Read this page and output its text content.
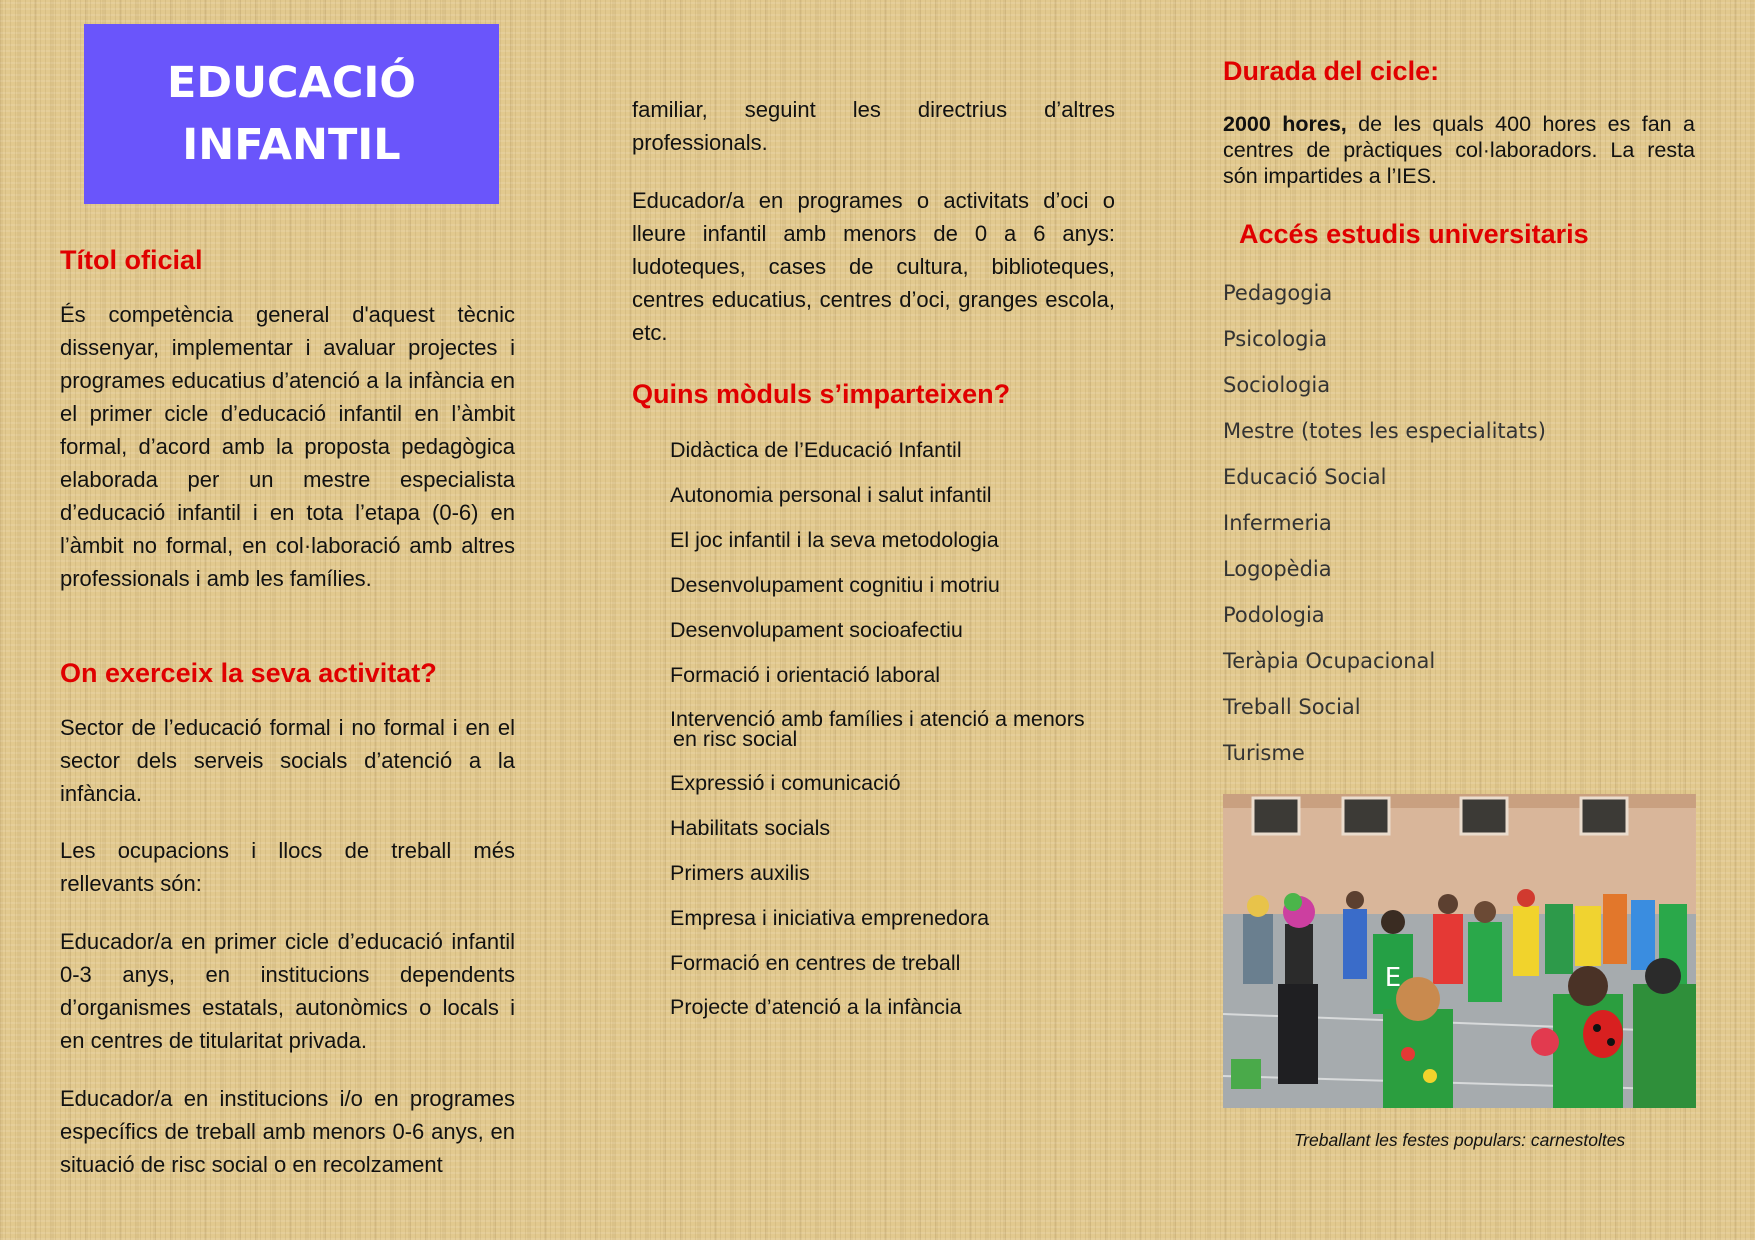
EDUCACIÓ
INFANTIL
Títol oficial

És competència general d'aquest tècnic dissenyar, implementar i avaluar projectes i programes educatius d’atenció a la infància en el primer cicle d’educació infantil en l’àmbit formal, d’acord amb la proposta pedagògica elaborada per un mestre especialista d’educació infantil i en tota l’etapa (0-6) en l’àmbit no formal, en col·laboració amb altres professionals i amb les famílies.

On exerceix la seva activitat?

Sector de l’educació formal i no formal i en el sector dels serveis socials d’atenció a la infància.

Les ocupacions i llocs de treball més rellevants són:

Educador/a en primer cicle d’educació infantil 0-3 anys, en institucions dependents d’organismes estatals, autonòmics o locals i en centres de titularitat privada.

Educador/a en institucions i/o en programes específics de treball amb menors 0-6 anys, en situació de risc social o en recolzament

familiar, seguint les directrius d’altres professionals.

Educador/a en programes o activitats d’oci o lleure infantil amb menors de 0 a 6 anys: ludoteques, cases de cultura, biblioteques, centres educatius, centres d’oci, granges escola, etc.

Quins mòduls s’imparteixen?
Didàctica de l’Educació Infantil
Autonomia personal i salut infantil
El joc infantil i la seva metodologia
Desenvolupament cognitiu i motriu
Desenvolupament socioafectiu
Formació i orientació laboral
Intervenció amb famílies i atenció a menors
en risc social
Expressió i comunicació
Habilitats socials
Primers auxilis
Empresa i iniciativa emprenedora
Formació en centres de treball
Projecte d’atenció a la infància
Durada del cicle:

2000 hores, de les quals 400 hores es fan a centres de pràctiques col·laboradors. La resta són impartides a l’IES.

Accés estudis universitaris
Pedagogia
Psicologia
Sociologia
Mestre (totes les especialitats)
Educació Social
Infermeria
Logopèdia
Podologia
Teràpia Ocupacional
Treball Social
Turisme
E
Treballant les festes populars: carnestoltes
